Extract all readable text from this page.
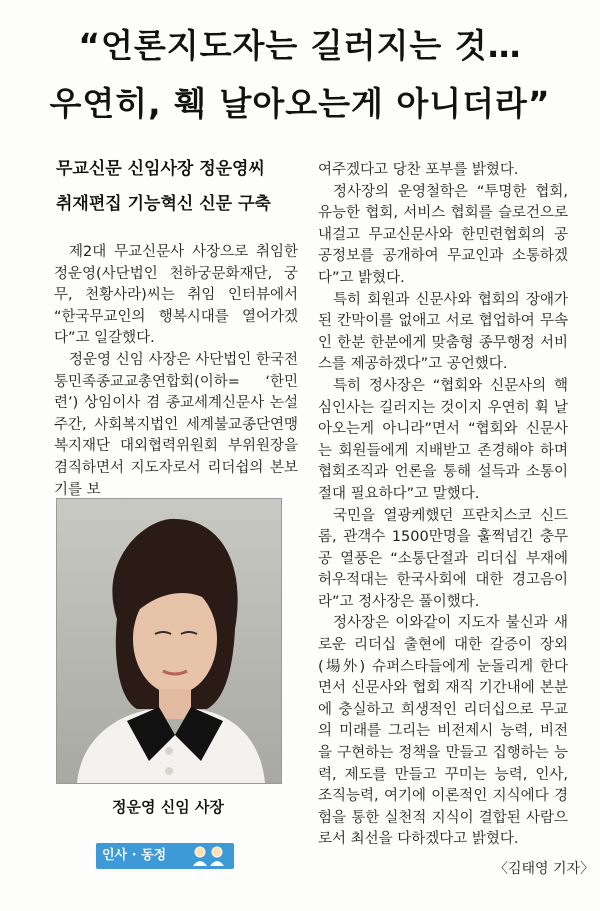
“언론지도자는 길러지는 것…
우연히, 훽 날아오는게 아니더라”
무교신문 신임사장 정운영씨
취재편집 기능혁신 신문 구축

제2대 무교신문사 사장으로 취임한 정운영(사단법인 천하궁문화재단, 궁무, 천황사라)씨는 취임 인터뷰에서 “한국무교인의 행복시대를 열어가겠다”고 일갈했다.

정운영 신임 사장은 사단법인 한국전통민족종교교총연합회(이하= ‘한민련’) 상임이사 겸 종교세계신문사 논설주간, 사회복지법인 세계불교종단연맹복지재단 대외협력위원회 부위원장을 겸직하면서 지도자로서 리더쉽의 본보기를 보

정운영 신임 사장
인사 · 동정

여주겠다고 당찬 포부를 밝혔다.

정사장의 운영철학은 “투명한 협회, 유능한 협회, 서비스 협회를 슬로건으로 내걸고 무교신문사와 한민련협회의 공공정보를 공개하여 무교인과 소통하겠다”고 밝혔다.

특히 회원과 신문사와 협회의 장애가 된 칸막이를 없애고 서로 협업하여 무속인 한분 한분에게 맞춤형 종무행정 서비스를 제공하겠다”고 공언했다.

특히 정사장은 “협회와 신문사의 핵심인사는 길러지는 것이지 우연히 휙 날아오는게 아니라”면서 “협회와 신문사는 회원들에게 지배받고 존경해야 하며 협회조직과 언론을 통해 설득과 소통이 절대 필요하다”고 말했다.

국민을 열광케했던 프란치스코 신드롬, 관객수 1500만명을 훌쩍넘긴 충무공 열풍은 “소통단절과 리더십 부재에 허우적대는 한국사회에 대한 경고음이라”고 정사장은 풀이했다.

정사장은 이와같이 지도자 불신과 새로운 리더십 출현에 대한 갈증이 장외(場外) 슈퍼스타들에게 눈돌리게 한다면서 신문사와 협회 재직 기간내에 본분에 충실하고 희생적인 리더십으로 무교의 미래를 그리는 비전제시 능력, 비전을 구현하는 정책을 만들고 집행하는 능력, 제도를 만들고 꾸미는 능력, 인사, 조직능력, 여기에 이론적인 지식에다 경험을 통한 실천적 지식이 결합된 사람으로서 최선을 다하겠다고 밝혔다.

〈김태영 기자〉
